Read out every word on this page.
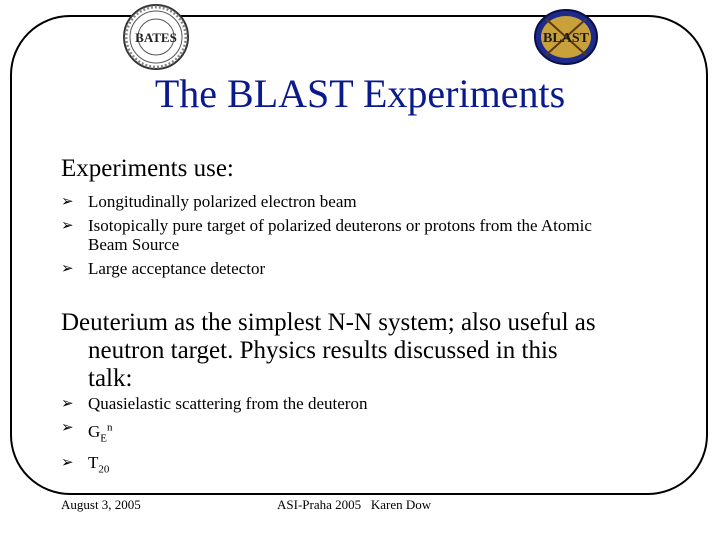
BATES	BLAST
The BLAST Experiments
Experiments use:
➢ Longitudinally polarized electron beam
➢ Isotopically pure target of polarized deuterons or protons from the Atomic Beam Source
➢ Large acceptance detector
Deuterium as the simplest N-N system; also useful as
neutron target. Physics results discussed in this
talk:
➢ Quasielastic scattering from the deuteron
➢ $G_E^n$
➢ $T_{20}$
August 3, 2005	ASI-Praha 2005   Karen Dow
